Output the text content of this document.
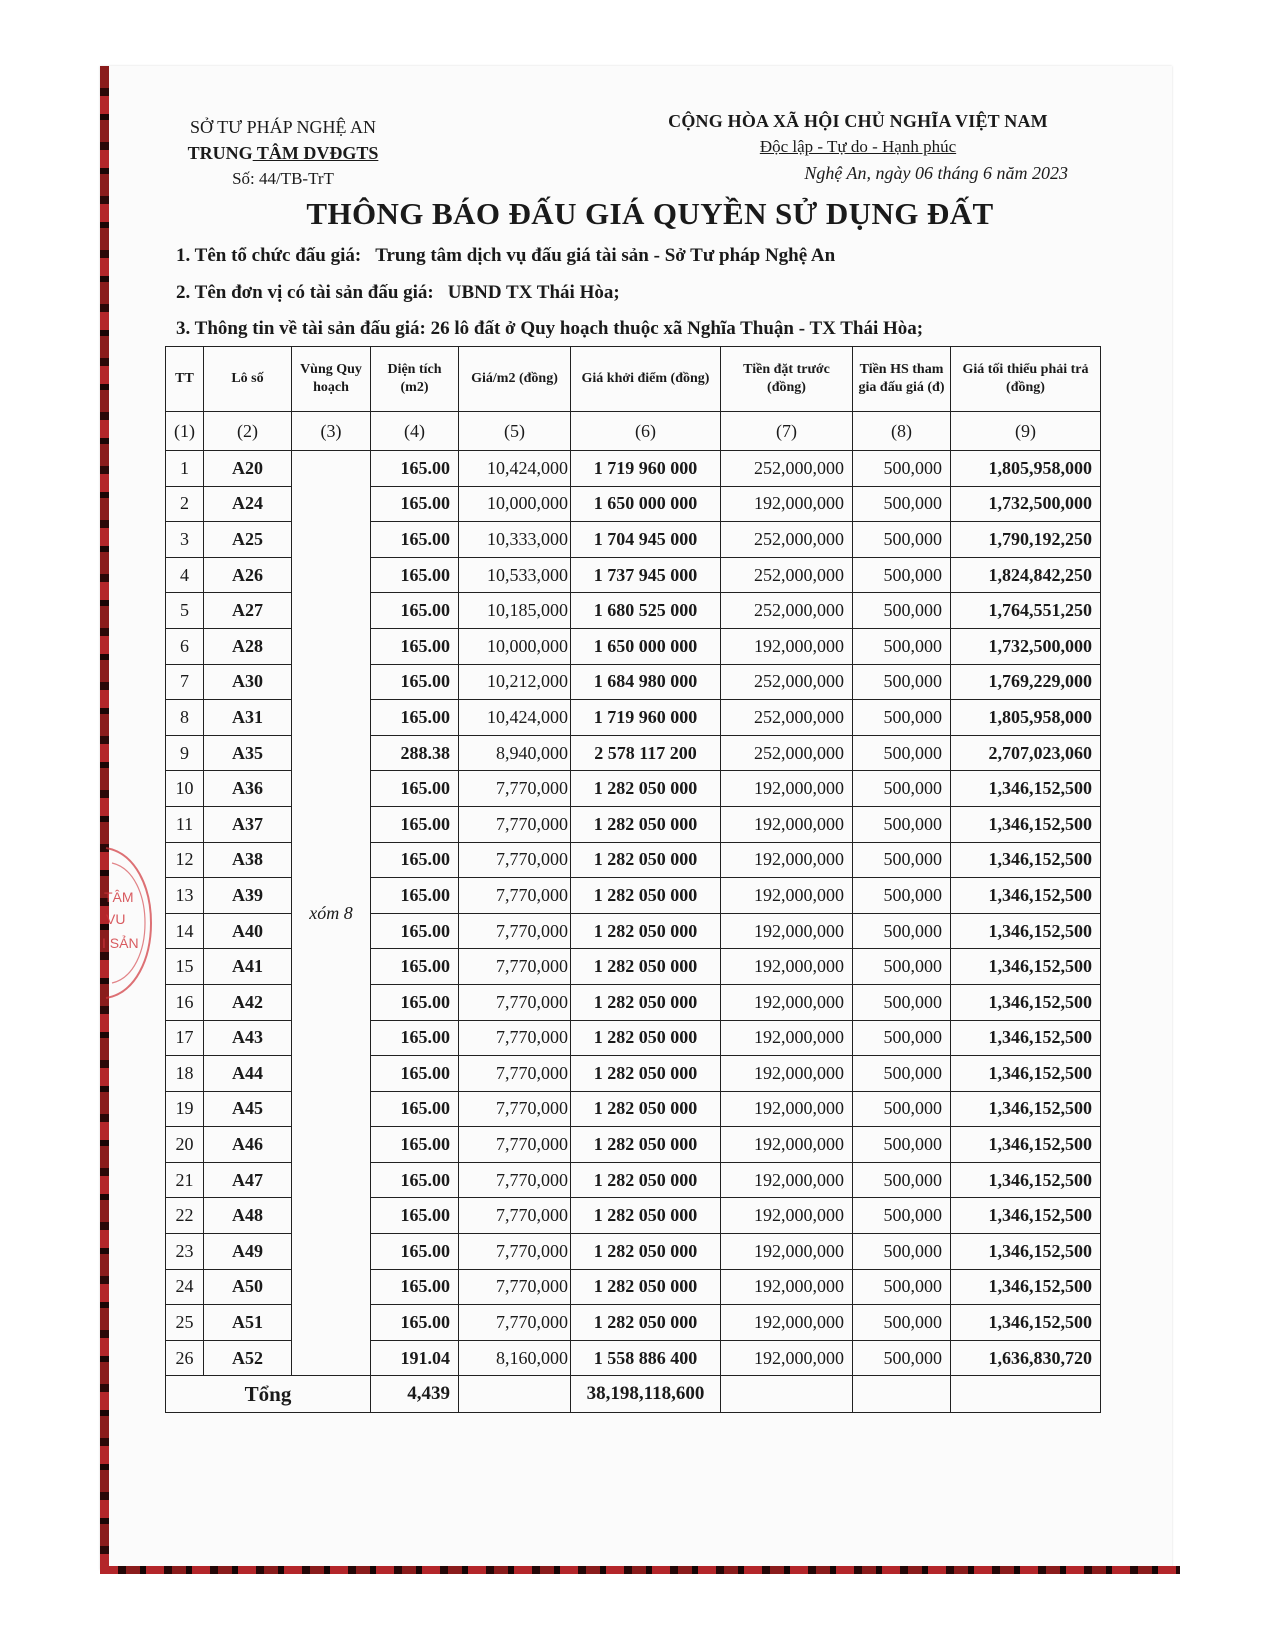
SỞ TƯ PHÁP NGHỆ AN
TRUNG TÂM DVĐGTS
Số: 44/TB-TrT
CỘNG HÒA XÃ HỘI CHỦ NGHĨA VIỆT NAM
Độc lập - Tự do - Hạnh phúc
Nghệ An, ngày 06 tháng 6 năm 2023
THÔNG BÁO ĐẤU GIÁ QUYỀN SỬ DỤNG ĐẤT
1. Tên tổ chức đấu giá: Trung tâm dịch vụ đấu giá tài sản - Sở Tư pháp Nghệ An
2. Tên đơn vị có tài sản đấu giá: UBND TX Thái Hòa;
3. Thông tin về tài sản đấu giá: 26 lô đất ở Quy hoạch thuộc xã Nghĩa Thuận - TX Thái Hòa;
TT	Lô số	Vùng Quy hoạch	Diện tích (m2)	Giá/m2 (đồng)	Giá khởi điểm (đồng)	Tiền đặt trước (đồng)	Tiền HS tham gia đấu giá (đ)	Giá tối thiểu phải trả (đồng)
(1)	(2)	(3)	(4)	(5)	(6)	(7)	(8)	(9)
1	A20	xóm 8	165.00	10,424,000	1 719 960 000	252,000,000	500,000	1,805,958,000
2	A24		165.00	10,000,000	1 650 000 000	192,000,000	500,000	1,732,500,000
3	A25		165.00	10,333,000	1 704 945 000	252,000,000	500,000	1,790,192,250
4	A26		165.00	10,533,000	1 737 945 000	252,000,000	500,000	1,824,842,250
5	A27		165.00	10,185,000	1 680 525 000	252,000,000	500,000	1,764,551,250
6	A28		165.00	10,000,000	1 650 000 000	192,000,000	500,000	1,732,500,000
7	A30		165.00	10,212,000	1 684 980 000	252,000,000	500,000	1,769,229,000
8	A31		165.00	10,424,000	1 719 960 000	252,000,000	500,000	1,805,958,000
9	A35		288.38	8,940,000	2 578 117 200	252,000,000	500,000	2,707,023,060
10	A36		165.00	7,770,000	1 282 050 000	192,000,000	500,000	1,346,152,500
11	A37		165.00	7,770,000	1 282 050 000	192,000,000	500,000	1,346,152,500
12	A38		165.00	7,770,000	1 282 050 000	192,000,000	500,000	1,346,152,500
13	A39		165.00	7,770,000	1 282 050 000	192,000,000	500,000	1,346,152,500
14	A40		165.00	7,770,000	1 282 050 000	192,000,000	500,000	1,346,152,500
15	A41		165.00	7,770,000	1 282 050 000	192,000,000	500,000	1,346,152,500
16	A42		165.00	7,770,000	1 282 050 000	192,000,000	500,000	1,346,152,500
17	A43		165.00	7,770,000	1 282 050 000	192,000,000	500,000	1,346,152,500
18	A44		165.00	7,770,000	1 282 050 000	192,000,000	500,000	1,346,152,500
19	A45		165.00	7,770,000	1 282 050 000	192,000,000	500,000	1,346,152,500
20	A46		165.00	7,770,000	1 282 050 000	192,000,000	500,000	1,346,152,500
21	A47		165.00	7,770,000	1 282 050 000	192,000,000	500,000	1,346,152,500
22	A48		165.00	7,770,000	1 282 050 000	192,000,000	500,000	1,346,152,500
23	A49		165.00	7,770,000	1 282 050 000	192,000,000	500,000	1,346,152,500
24	A50		165.00	7,770,000	1 282 050 000	192,000,000	500,000	1,346,152,500
25	A51		165.00	7,770,000	1 282 050 000	192,000,000	500,000	1,346,152,500
26	A52		191.04	8,160,000	1 558 886 400	192,000,000	500,000	1,636,830,720
Tổng			4,439		38,198,118,600			
TÂM
VU
I SẢN
